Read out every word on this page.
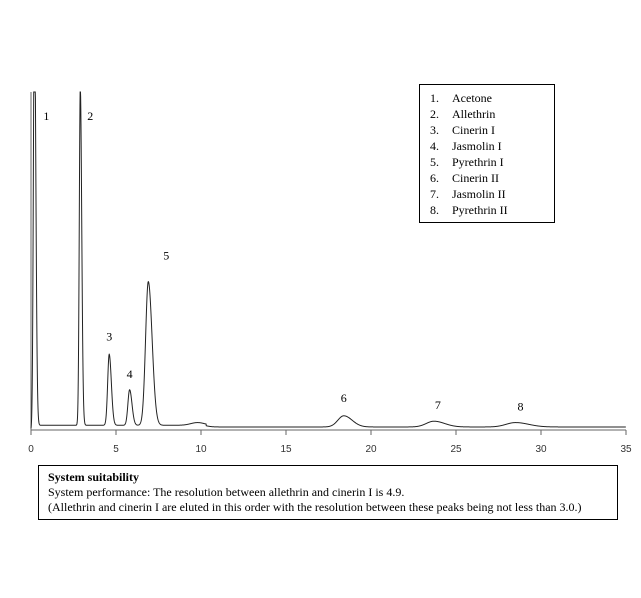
0	5	10	15	20	25	30	35
1	2
3
4
5
6
7	8
1. Acetone
2. Allethrin
3. Cinerin I
4. Jasmolin I
5. Pyrethrin I
6. Cinerin II
7. Jasmolin II
8. Pyrethrin II
System suitability
System performance: The resolution between allethrin and cinerin I is 4.9.
(Allethrin and cinerin I are eluted in this order with the resolution between these peaks being not less than 3.0.)
